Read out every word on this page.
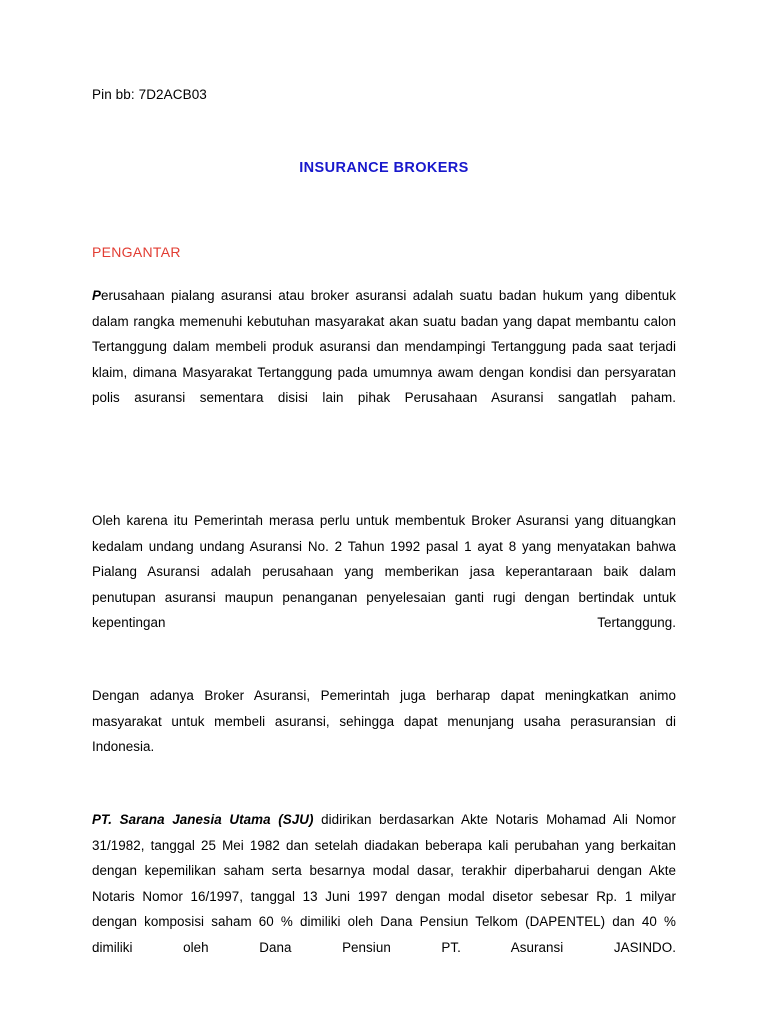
Pin bb: 7D2ACB03

INSURANCE BROKERS
PENGANTAR

Perusahaan pialang asuransi atau broker asuransi adalah suatu badan hukum yang dibentuk dalam rangka memenuhi kebutuhan masyarakat akan suatu badan yang dapat membantu calon Tertanggung dalam membeli produk asuransi dan mendampingi Tertanggung pada saat terjadi klaim, dimana Masyarakat Tertanggung pada umumnya awam dengan kondisi dan persyaratan polis asuransi sementara disisi lain pihak Perusahaan Asuransi sangatlah paham.

Oleh karena itu Pemerintah merasa perlu untuk membentuk Broker Asuransi yang dituangkan kedalam undang undang Asuransi No. 2 Tahun 1992 pasal 1 ayat 8 yang menyatakan bahwa Pialang Asuransi adalah perusahaan yang memberikan jasa keperantaraan baik dalam penutupan asuransi maupun penanganan penyelesaian ganti rugi dengan bertindak untuk kepentingan Tertanggung.

Dengan adanya Broker Asuransi, Pemerintah juga berharap dapat meningkatkan animo masyarakat untuk membeli asuransi, sehingga dapat menunjang usaha perasuransian di Indonesia.

PT. Sarana Janesia Utama (SJU) didirikan berdasarkan Akte Notaris Mohamad Ali Nomor 31/1982, tanggal 25 Mei 1982 dan setelah diadakan beberapa kali perubahan yang berkaitan dengan kepemilikan saham serta besarnya modal dasar, terakhir diperbaharui dengan Akte Notaris Nomor 16/1997, tanggal 13 Juni 1997 dengan modal disetor sebesar Rp. 1 milyar dengan komposisi saham 60 % dimiliki oleh Dana Pensiun Telkom (DAPENTEL) dan 40 % dimiliki oleh Dana Pensiun PT. Asuransi JASINDO.
